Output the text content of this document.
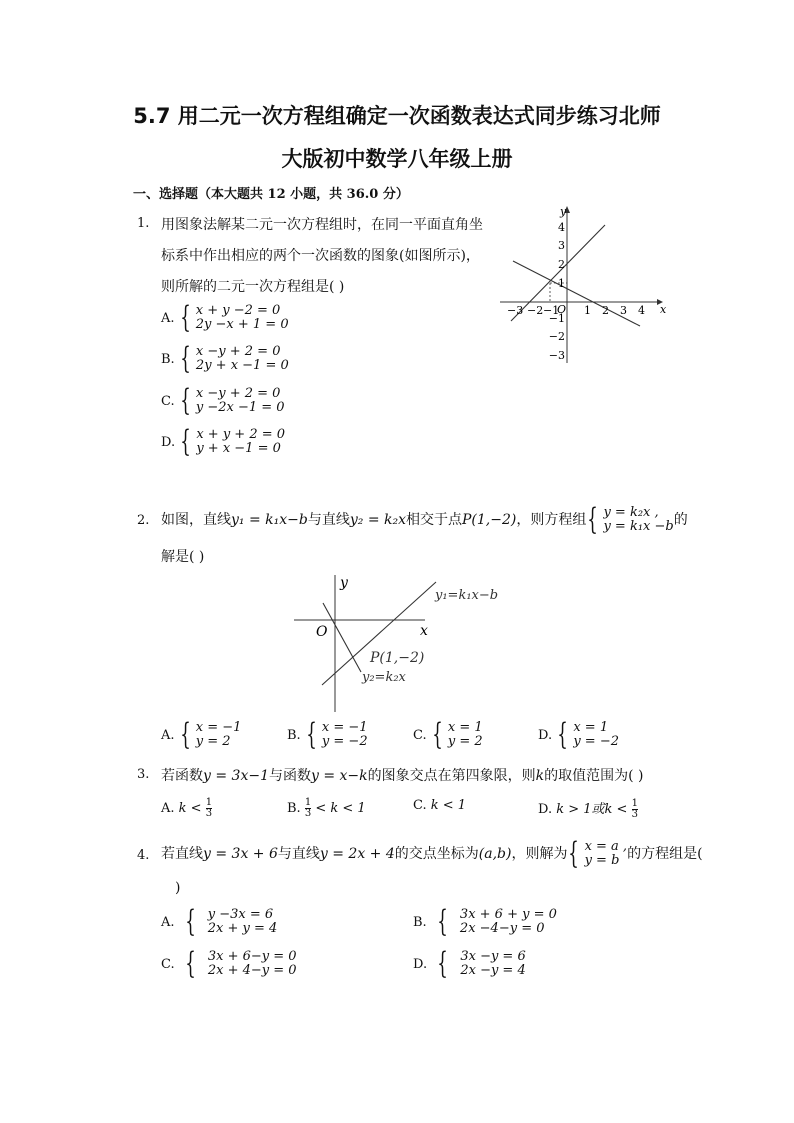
5.7 用二元一次方程组确定一次函数表达式同步练习北师
大版初中数学八年级上册
一、选择题（本大题共 12 小题，共 36.0 分）
1. 用图象法解某二元一次方程组时，在同一平面直角坐
标系中作出相应的两个一次函数的图象(如图所示)，
则所解的二元一次方程组是( )
x
y
O
−3 −2 −1 1 2 3 4
4
3
2
1
−1
−2
−3
A. { x + y −2 = 0
2y −x + 1 = 0
B. { x −y + 2 = 0
2y + x −1 = 0
C. { x −y + 2 = 0
y −2x −1 = 0
D. { x + y + 2 = 0
y + x −1 = 0
2. 如图，直线y₁ = k₁x−b与直线y₂ = k₂x相交于点P(1,−2)，则方程组 { y = k₂x ,
y = k₁x −b 的
解是( )
y
x
O
y₁=k₁x−b
P(1,−2)
y₂=k₂x
A. { x = −1
y = 2	B. { x = −1
y = −2	C. { x = 1
y = 2	D. { x = 1
y = −2
3. 若函数y = 3x−1与函数y = x−k的图象交点在第四象限，则k的取值范围为( )
A. $k < \frac{1}{3}$	B. $\frac{1}{3} < k < 1$	C. k < 1	D. k > 1或$k < \frac{1}{3}$
4. 若直线y = 3x + 6与直线y = 2x + 4的交点坐标为(a,b)，则解为 { x = a ,
y = b 的方程组是(
)
A. { y −3x = 6
2x + y = 4	B. { 3x + 6 + y = 0
2x −4−y = 0
C. { 3x + 6−y = 0
2x + 4−y = 0	D. { 3x −y = 6
2x −y = 4
